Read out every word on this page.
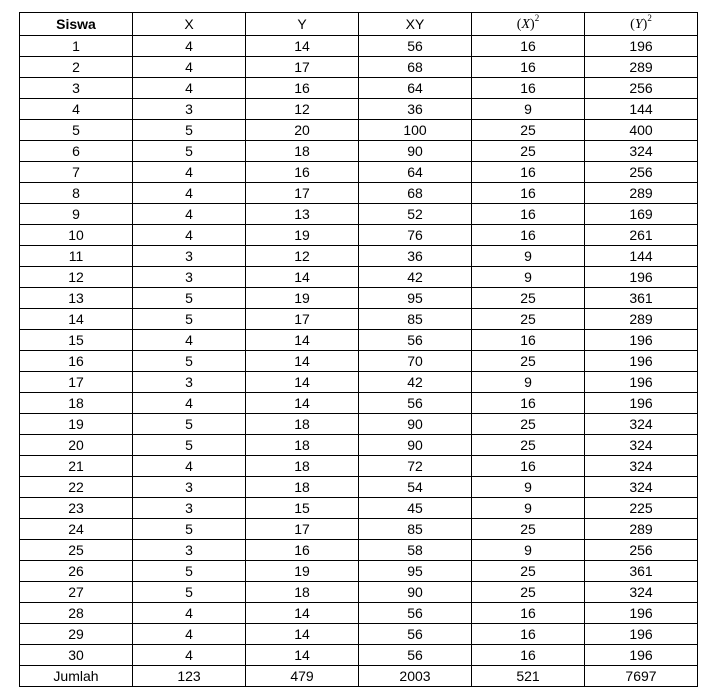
Siswa	X	Y	XY	$(X)^2$	$(Y)^2$
1	4	14	56	16	196
2	4	17	68	16	289
3	4	16	64	16	256
4	3	12	36	9	144
5	5	20	100	25	400
6	5	18	90	25	324
7	4	16	64	16	256
8	4	17	68	16	289
9	4	13	52	16	169
10	4	19	76	16	261
11	3	12	36	9	144
12	3	14	42	9	196
13	5	19	95	25	361
14	5	17	85	25	289
15	4	14	56	16	196
16	5	14	70	25	196
17	3	14	42	9	196
18	4	14	56	16	196
19	5	18	90	25	324
20	5	18	90	25	324
21	4	18	72	16	324
22	3	18	54	9	324
23	3	15	45	9	225
24	5	17	85	25	289
25	3	16	58	9	256
26	5	19	95	25	361
27	5	18	90	25	324
28	4	14	56	16	196
29	4	14	56	16	196
30	4	14	56	16	196
Jumlah	123	479	2003	521	7697
